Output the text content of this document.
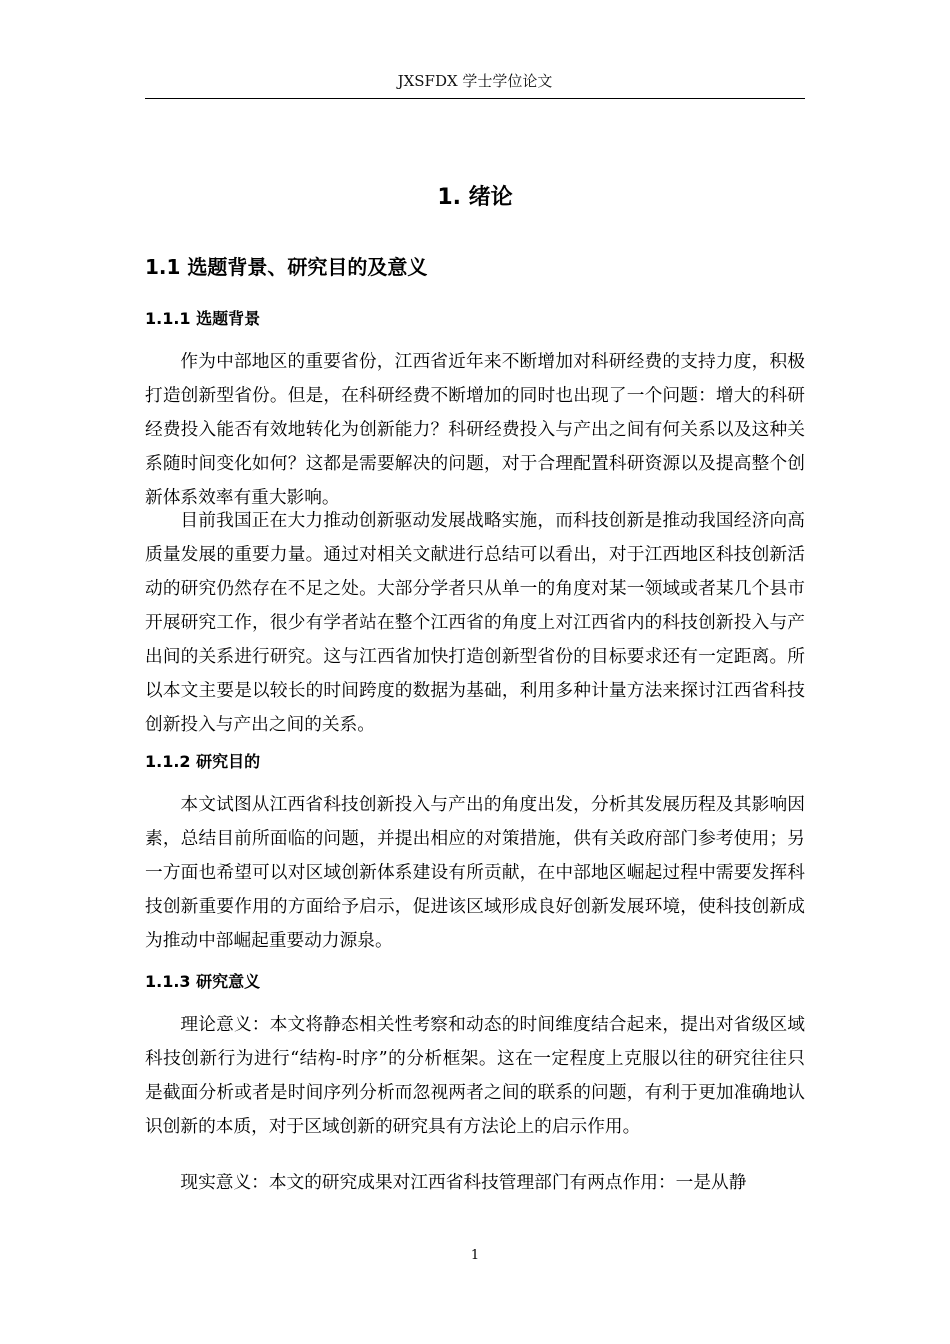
JXSFDX 学士学位论文
1. 绪论
1.1 选题背景、研究目的及意义
1.1.1 选题背景

作为中部地区的重要省份，江西省近年来不断增加对科研经费的支持力度，积极打造创新型省份。但是，在科研经费不断增加的同时也出现了一个问题：增大的科研经费投入能否有效地转化为创新能力？科研经费投入与产出之间有何关系以及这种关系随时间变化如何？这都是需要解决的问题，对于合理配置科研资源以及提高整个创新体系效率有重大影响。

目前我国正在大力推动创新驱动发展战略实施，而科技创新是推动我国经济向高质量发展的重要力量。通过对相关文献进行总结可以看出，对于江西地区科技创新活动的研究仍然存在不足之处。大部分学者只从单一的角度对某一领域或者某几个县市开展研究工作，很少有学者站在整个江西省的角度上对江西省内的科技创新投入与产出间的关系进行研究。这与江西省加快打造创新型省份的目标要求还有一定距离。所以本文主要是以较长的时间跨度的数据为基础，利用多种计量方法来探讨江西省科技创新投入与产出之间的关系。

1.1.2 研究目的

本文试图从江西省科技创新投入与产出的角度出发，分析其发展历程及其影响因素，总结目前所面临的问题，并提出相应的对策措施，供有关政府部门参考使用；另一方面也希望可以对区域创新体系建设有所贡献，在中部地区崛起过程中需要发挥科技创新重要作用的方面给予启示，促进该区域形成良好创新发展环境，使科技创新成为推动中部崛起重要动力源泉。

1.1.3 研究意义

理论意义：本文将静态相关性考察和动态的时间维度结合起来，提出对省级区域科技创新行为进行“结构-时序”的分析框架。这在一定程度上克服以往的研究往往只是截面分析或者是时间序列分析而忽视两者之间的联系的问题，有利于更加准确地认识创新的本质，对于区域创新的研究具有方法论上的启示作用。

现实意义：本文的研究成果对江西省科技管理部门有两点作用：一是从静

1
